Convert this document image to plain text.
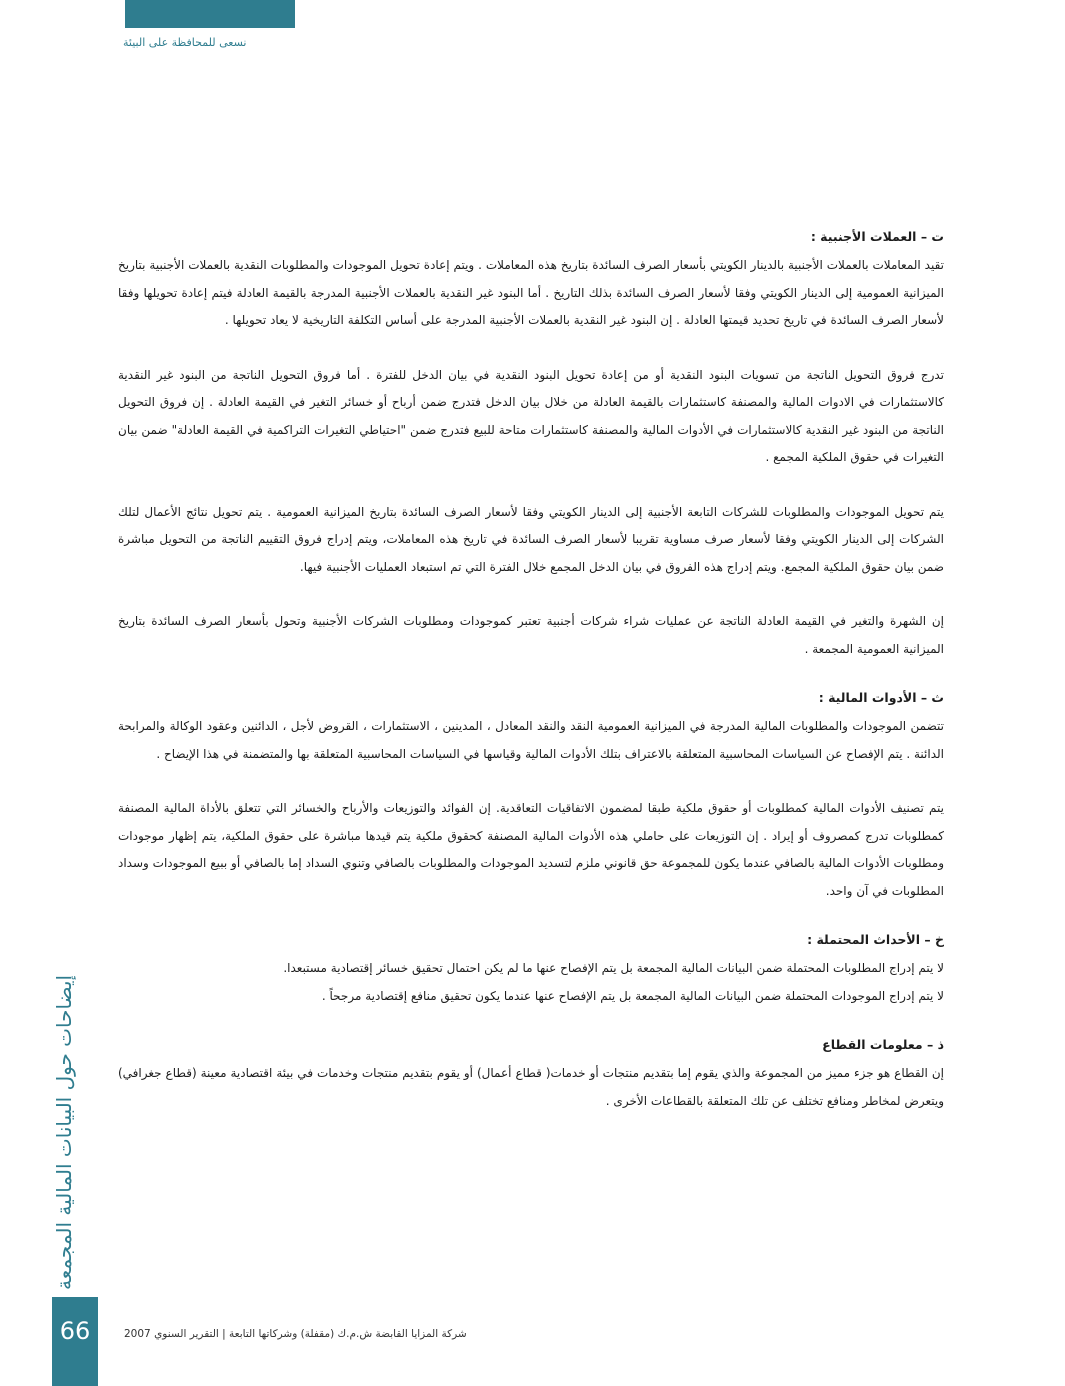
نسعى للمحافظة على البيئة
ت – العملات الأجنبية :

تقيد المعاملات بالعملات الأجنبية بالدينار الكويتي بأسعار الصرف السائدة بتاريخ هذه المعاملات . ويتم إعادة تحويل الموجودات والمطلوبات النقدية بالعملات الأجنبية بتاريخ الميزانية العمومية إلى الدينار الكويتي وفقا لأسعار الصرف السائدة بذلك التاريخ . أما البنود غير النقدية بالعملات الأجنبية المدرجة بالقيمة العادلة فيتم إعادة تحويلها وفقا لأسعار الصرف السائدة في تاريخ تحديد قيمتها العادلة . إن البنود غير النقدية بالعملات الأجنبية المدرجة على أساس التكلفة التاريخية لا يعاد تحويلها .

تدرج فروق التحويل الناتجة من تسويات البنود النقدية أو من إعادة تحويل البنود النقدية في بيان الدخل للفترة . أما فروق التحويل الناتجة من البنود غير النقدية كالاستثمارات في الادوات المالية والمصنفة كاستثمارات بالقيمة العادلة من خلال بيان الدخل فتدرج ضمن أرباح أو خسائر التغير في القيمة العادلة . إن فروق التحويل الناتجة من البنود غير النقدية كالاستثمارات في الأدوات المالية والمصنفة كاستثمارات متاحة للبيع فتدرج ضمن "احتياطي التغيرات التراكمية في القيمة العادلة" ضمن بيان التغيرات في حقوق الملكية المجمع .

يتم تحويل الموجودات والمطلوبات للشركات التابعة الأجنبية إلى الدينار الكويتي وفقا لأسعار الصرف السائدة بتاريخ الميزانية العمومية . يتم تحويل نتائج الأعمال لتلك الشركات إلى الدينار الكويتي وفقا لأسعار صرف مساوية تقريبا لأسعار الصرف السائدة في تاريخ هذه المعاملات، ويتم إدراج فروق التقييم الناتجة من التحويل مباشرة ضمن بيان حقوق الملكية المجمع. ويتم إدراج هذه الفروق في بيان الدخل المجمع خلال الفترة التي تم استبعاد العمليات الأجنبية فيها.

إن الشهرة والتغير في القيمة العادلة الناتجة عن عمليات شراء شركات أجنبية تعتبر كموجودات ومطلوبات الشركات الأجنبية وتحول بأسعار الصرف السائدة بتاريخ الميزانية العمومية المجمعة .

ث – الأدوات المالية :

تتضمن الموجودات والمطلوبات المالية المدرجة في الميزانية العمومية النقد والنقد المعادل ، المدينين ، الاستثمارات ، القروض لأجل ، الدائنين وعقود الوكالة والمرابحة الدائنة . يتم الإفصاح عن السياسات المحاسبية المتعلقة بالاعتراف بتلك الأدوات المالية وقياسها في السياسات المحاسبية المتعلقة بها والمتضمنة في هذا الإيضاح .

يتم تصنيف الأدوات المالية كمطلوبات أو حقوق ملكية طبقا لمضمون الاتفاقيات التعاقدية. إن الفوائد والتوزيعات والأرباح والخسائر التي تتعلق بالأداة المالية المصنفة كمطلوبات تدرج كمصروف أو إيراد . إن التوزيعات على حاملي هذه الأدوات المالية المصنفة كحقوق ملكية يتم قيدها مباشرة على حقوق الملكية، يتم إظهار موجودات ومطلوبات الأدوات المالية بالصافي عندما يكون للمجموعة حق قانوني ملزم لتسديد الموجودات والمطلوبات بالصافي وتنوي السداد إما بالصافي أو ببيع الموجودات وسداد المطلوبات في آن واحد.

خ – الأحداث المحتملة :

لا يتم إدراج المطلوبات المحتملة ضمن البيانات المالية المجمعة بل يتم الإفصاح عنها ما لم يكن احتمال تحقيق خسائر إقتصادية مستبعدا.

لا يتم إدراج الموجودات المحتملة ضمن البيانات المالية المجمعة بل يتم الإفصاح عنها عندما يكون تحقيق منافع إقتصادية مرجحاً .

ذ – معلومات القطاع

إن القطاع هو جزء مميز من المجموعة والذي يقوم إما بتقديم منتجات أو خدمات( قطاع أعمال) أو يقوم بتقديم منتجات وخدمات في بيئة اقتصادية معينة (قطاع جغرافي) ويتعرض لمخاطر ومنافع تختلف عن تلك المتعلقة بالقطاعات الأخرى .

إيضاحات حول البيانات المالية المجمعة
66	2007 شركة المزايا القابضة ش.م.ك (مقفلة) وشركاتها التابعة | التقرير السنوي
